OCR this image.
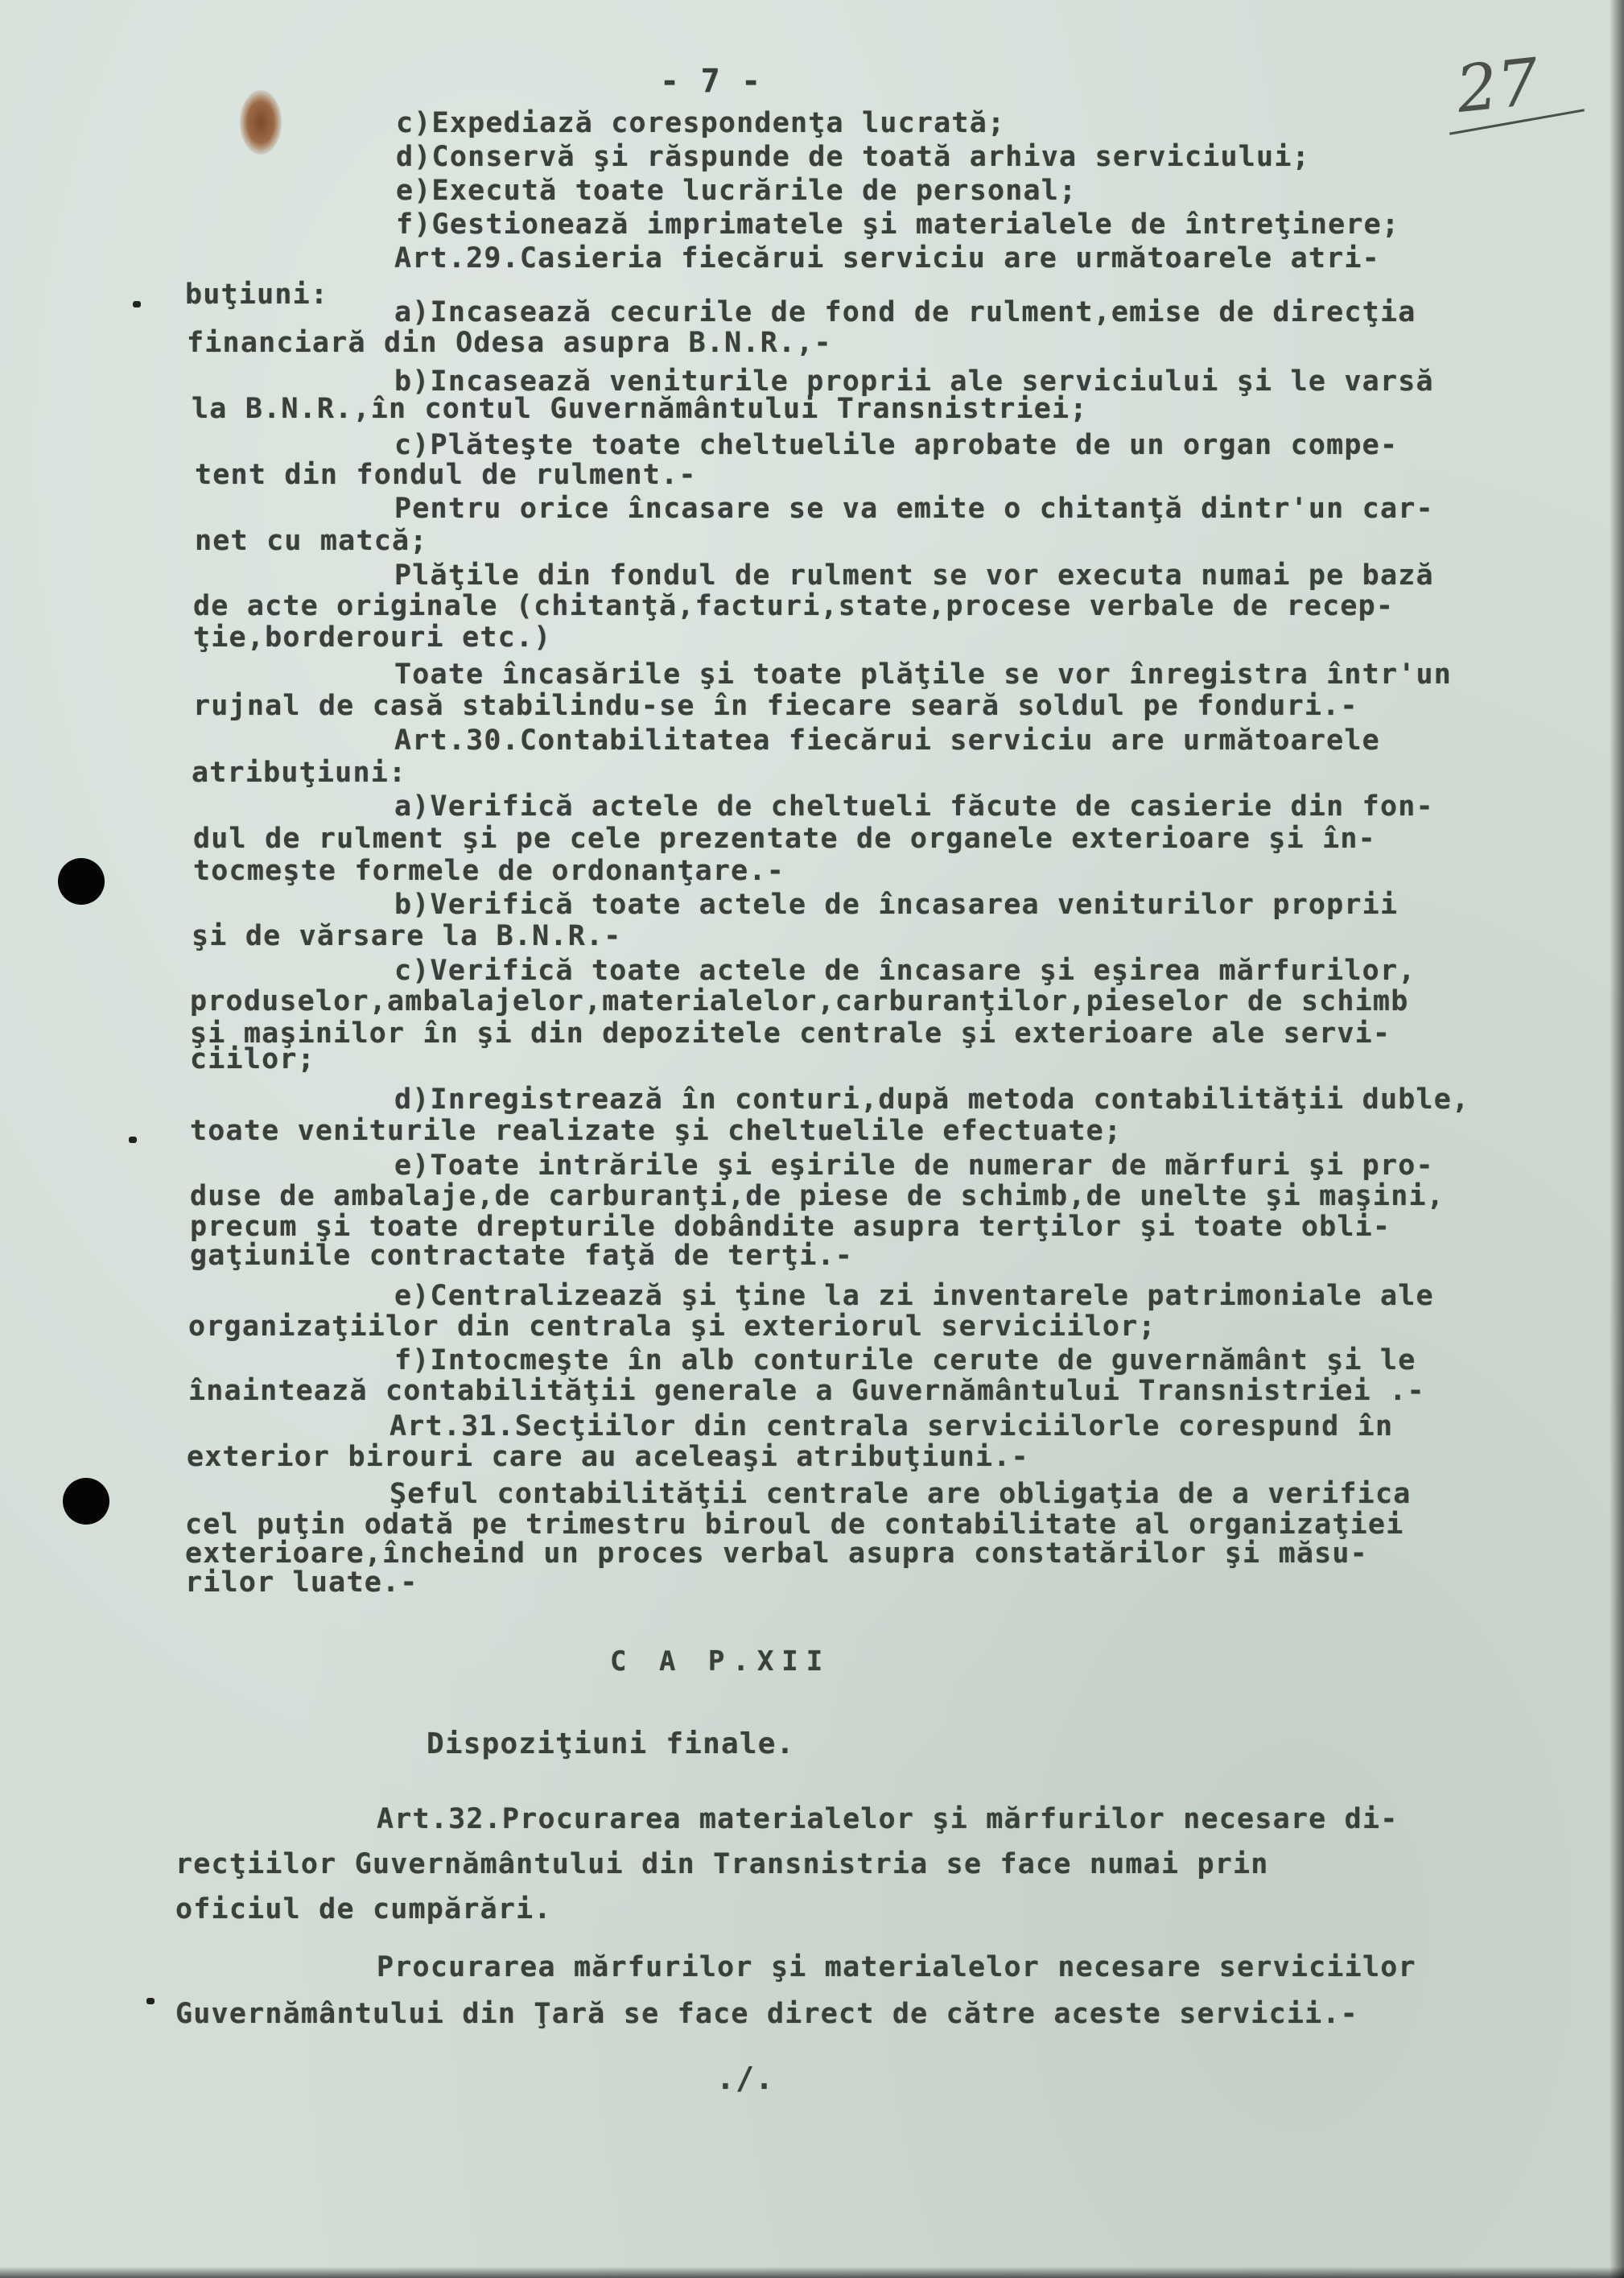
- 7 -	27
c)Expediază corespondenţa lucrată;
d)Conservă şi răspunde de toată arhiva serviciului;
e)Execută toate lucrările de personal;
f)Gestionează imprimatele şi materialele de întreţinere;
Art.29.Casieria fiecărui serviciu are următoarele atri-
buţiuni:
a)Incasează cecurile de fond de rulment,emise de direcţia
financiară din Odesa asupra B.N.R.,-
b)Incasează veniturile proprii ale serviciului şi le varsă
la B.N.R.,în contul Guvernământului Transnistriei;
c)Plăteşte toate cheltuelile aprobate de un organ compe-
tent din fondul de rulment.-
Pentru orice încasare se va emite o chitanţă dintr'un car-
net cu matcă;
Plăţile din fondul de rulment se vor executa numai pe bază
de acte originale (chitanţă,facturi,state,procese verbale de recep-
ţie,borderouri etc.)
Toate încasările şi toate plăţile se vor înregistra într'un
rujnal de casă stabilindu-se în fiecare seară soldul pe fonduri.-
Art.30.Contabilitatea fiecărui serviciu are următoarele
atribuţiuni:
a)Verifică actele de cheltueli făcute de casierie din fon-
dul de rulment şi pe cele prezentate de organele exterioare şi în-
tocmeşte formele de ordonanţare.-
b)Verifică toate actele de încasarea veniturilor proprii
şi de vărsare la B.N.R.-
c)Verifică toate actele de încasare şi eşirea mărfurilor,
produselor,ambalajelor,materialelor,carburanţilor,pieselor de schimb
şi maşinilor în şi din depozitele centrale şi exterioare ale servi-
ciilor;
d)Inregistrează în conturi,după metoda contabilităţii duble,
toate veniturile realizate şi cheltuelile efectuate;
e)Toate intrările şi eşirile de numerar de mărfuri şi pro-
duse de ambalaje,de carburanţi,de piese de schimb,de unelte şi maşini,
precum şi toate drepturile dobândite asupra terţilor şi toate obli-
gaţiunile contractate faţă de terţi.-
e)Centralizează şi ţine la zi inventarele patrimoniale ale
organizaţiilor din centrala şi exteriorul serviciilor;
f)Intocmeşte în alb conturile cerute de guvernământ şi le
înaintează contabilităţii generale a Guvernământului Transnistriei .-
Art.31.Secţiilor din centrala serviciilorle corespund în
exterior birouri care au aceleaşi atribuţiuni.-
Şeful contabilităţii centrale are obligaţia de a verifica
cel puţin odată pe trimestru biroul de contabilitate al organizaţiei
exterioare,încheind un proces verbal asupra constatărilor şi măsu-
rilor luate.-
C A P.XII
Dispoziţiuni finale.
Art.32.Procurarea materialelor şi mărfurilor necesare di-
recţiilor Guvernământului din Transnistria se face numai prin
oficiul de cumpărări.
Procurarea mărfurilor şi materialelor necesare serviciilor
Guvernământului din Ţară se face direct de către aceste servicii.-
./.
